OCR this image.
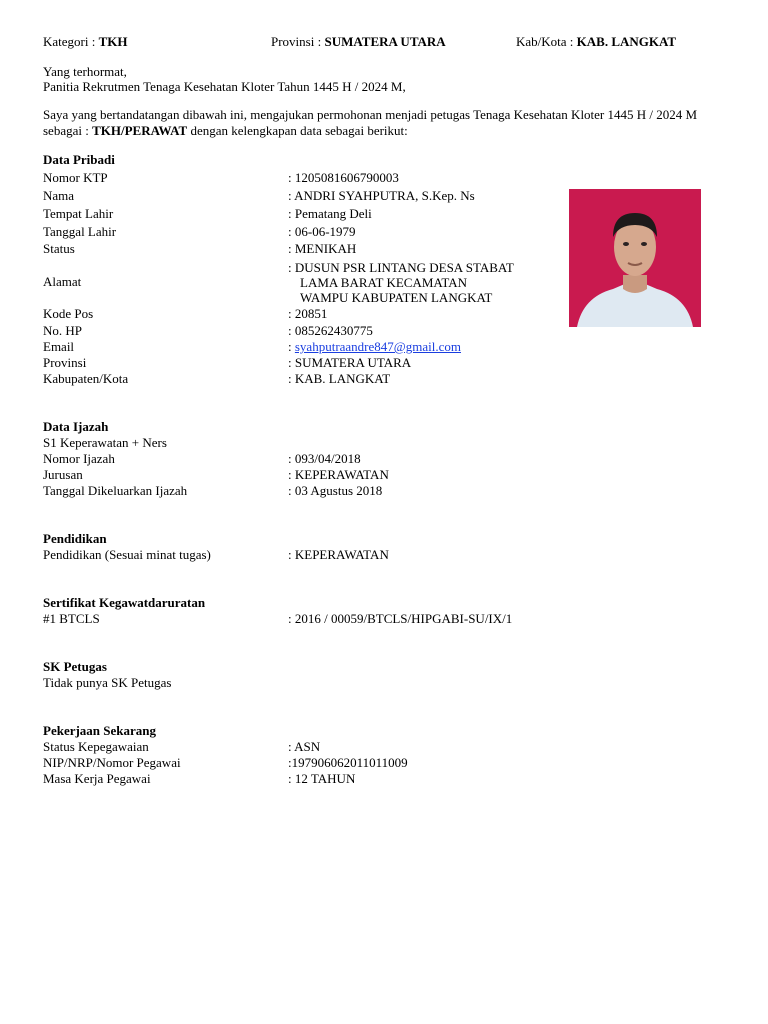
Kategori : TKH	Provinsi : SUMATERA UTARA	Kab/Kota : KAB. LANGKAT
Yang terhormat,
Panitia Rekrutmen Tenaga Kesehatan Kloter Tahun 1445 H / 2024 M,
Saya yang bertandatangan dibawah ini, mengajukan permohonan menjadi petugas Tenaga Kesehatan Kloter 1445 H / 2024 M sebagai : TKH/PERAWAT dengan kelengkapan data sebagai berikut:
Data Pribadi
Nomor KTP	: 1205081606790003
Nama	: ANDRI SYAHPUTRA, S.Kep. Ns
Tempat Lahir	: Pematang Deli
Tanggal Lahir	: 06-06-1979
Status	: MENIKAH
Alamat
: DUSUN PSR LINTANG DESA STABAT
LAMA BARAT KECAMATAN
WAMPU KABUPATEN LANGKAT
Kode Pos	: 20851
No. HP	: 085262430775
Email	: syahputraandre847@gmail.com
Provinsi	: SUMATERA UTARA
Kabupaten/Kota	: KAB. LANGKAT
Data Ijazah
S1 Keperawatan + Ners
Nomor Ijazah	: 093/04/2018
Jurusan	: KEPERAWATAN
Tanggal Dikeluarkan Ijazah	: 03 Agustus 2018
Pendidikan
Pendidikan (Sesuai minat tugas)	: KEPERAWATAN
Sertifikat Kegawatdaruratan
#1 BTCLS	: 2016 / 00059/BTCLS/HIPGABI-SU/IX/1
SK Petugas
Tidak punya SK Petugas
Pekerjaan Sekarang
Status Kepegawaian	: ASN
NIP/NRP/Nomor Pegawai	:197906062011011009
Masa Kerja Pegawai	: 12 TAHUN
